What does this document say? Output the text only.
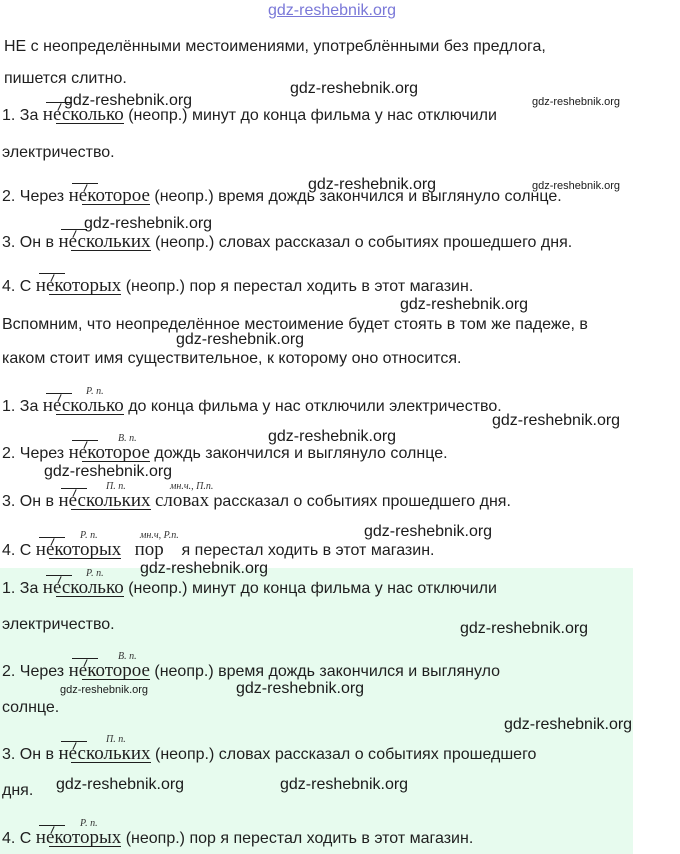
gdz-reshebnik.org
НЕ с неопределёнными местоимениями, употреблёнными без предлога,
пишется слитно.
1. За
несколько (неопр.) минут до конца фильма у нас отключили
электричество.
2. Через
некоторое (неопр.) время дождь закончился и выглянуло солнце.
3. Он в
нескольких (неопр.) словах рассказал о событиях прошедшего дня.
4. С
некоторых (неопр.) пор я перестал ходить в этот магазин.
Вспомним, что неопределённое местоимение будет стоять в том же падеже, в
каком стоит имя существительное, к которому оно относится.
Р. п.
1. За
несколько до конца фильма у нас отключили электричество.
В. п.
2. Через
некоторое дождь закончился и выглянуло солнце.
П. п.	мн.ч., П.п.
3. Он в
нескольких словах рассказал о событиях прошедшего дня.
Р. п.	мн.ч, Р.п.
4. С
некоторых пор    я перестал ходить в этот магазин.
Р. п.
1. За
несколько (неопр.) минут до конца фильма у нас отключили
электричество.
В. п.
2. Через
некоторое (неопр.) время дождь закончился и выглянуло
солнце.
П. п.
3. Он в
нескольких (неопр.) словах рассказал о событиях прошедшего
дня.
Р. п.
4. С
некоторых (неопр.) пор я перестал ходить в этот магазин.
gdz-reshebnik.org
gdz-reshebnik.org	gdz-reshebnik.org
gdz-reshebnik.org	gdz-reshebnik.org
gdz-reshebnik.org
gdz-reshebnik.org
gdz-reshebnik.org
gdz-reshebnik.org
gdz-reshebnik.org
gdz-reshebnik.org
gdz-reshebnik.org
gdz-reshebnik.org
gdz-reshebnik.org
gdz-reshebnik.org	gdz-reshebnik.org
gdz-reshebnik.org
gdz-reshebnik.org	gdz-reshebnik.org
